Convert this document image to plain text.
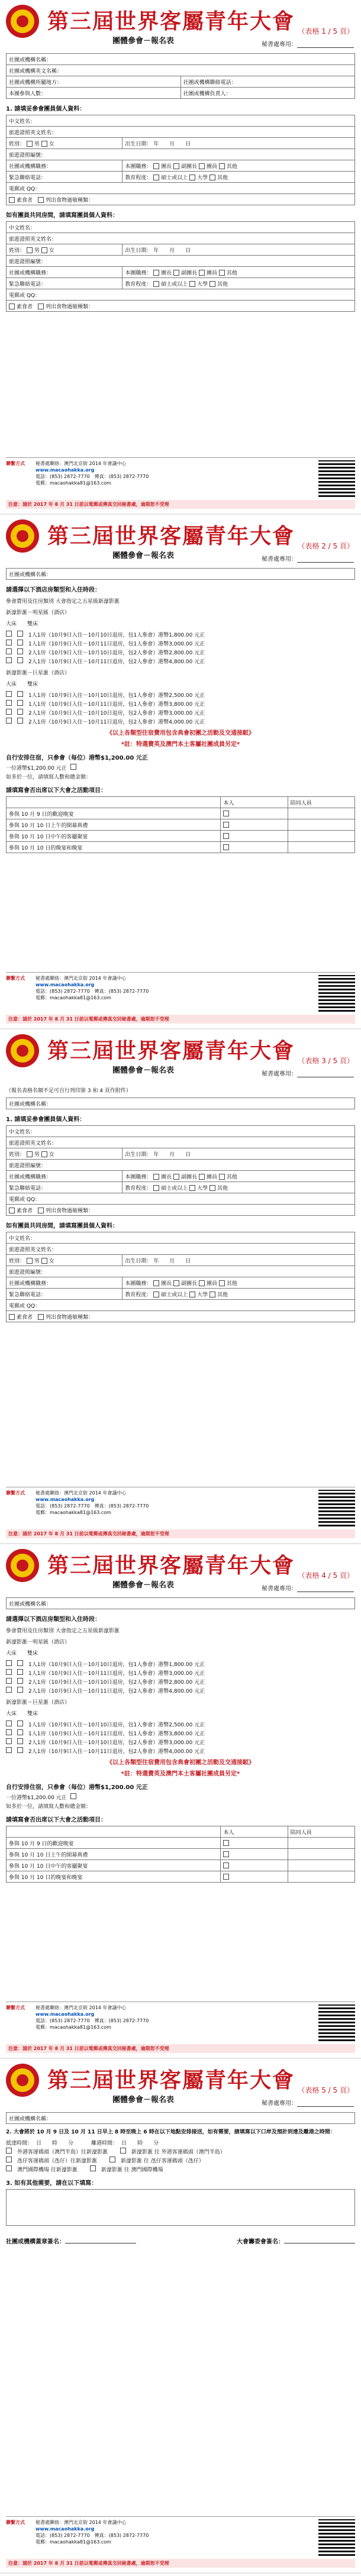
第三屆世界客屬青年大會
團體參會－報名表
（表格 1 / 5 頁）
秘書處專用：
社團或機構名稱：	
社團或機構英文名稱：	
社團或機構所屬地方：	社團或機構聯絡電話：
本團參與人數：	社團或機構負責人：
1. 請填妥參會團員個人資料：
中文姓名：	
旅遊證照英文姓名：	
姓別： 男 女	出生日期： 年　　月　　日
旅遊證照編號：	
社團或機構職務：	本團職務： 團長 副團長 團員 其他
緊急聯絡電話：	教育程度： 碩士或以上 大學 其他
電郵或 QQ：	
素食者　 列出食物過敏種類：	
如有團員共同房間，請填寫團員個人資料：
中文姓名：	
旅遊證照英文姓名：	
姓別： 男 女	出生日期： 年　　月　　日
旅遊證照編號：	
社團或機構職務：	本團職務： 團長 副團長 團員 其他
緊急聯絡電話：	教育程度： 碩士或以上 大學 其他
電郵或 QQ：	
素食者　 列出食物過敏種類：	
聯繫方式 秘書處聯絡：澳門北京街 2014 年會議中心
www.macaohakka.org
電話：(853) 2872-7770　傳真：(853) 2872-7770
電郵：macaohakka81@163.com
注意：請於 2017 年 8 月 31 日前以電郵或傳真交回秘書處，逾期恕不受理
第三屆世界客屬青年大會
團體參會－報名表
（表格 2 / 5 頁）
秘書處專用：
社團或機構名稱：
請選擇以下酒店房類型和入住時段：
參會費用及住房類別 大會指定之五星級新濠影滙
新濠影滙－明星匯（酒店）
大床　　雙床
1人1房（10月9日入住－10月10日退房，包1人參會）港幣1,800.00 元正
1人1房（10月9日入住－10月11日退房，包1人參會）港幣3,000.00 元正
2人1房（10月9日入住－10月10日退房，包2人參會）港幣2,800.00 元正
2人1房（10月9日入住－10月11日退房，包2人參會）港幣4,800.00 元正
新濠影滙－巨星滙（酒店）
大床　　雙床
1人1房（10月9日入住－10月10日退房，包1人參會）港幣2,500.00 元正
1人1房（10月9日入住－10月11日退房，包1人參會）港幣3,800.00 元正
2人1房（10月9日入住－10月10日退房，包2人參會）港幣3,000.00 元正
2人1房（10月9日入住－10月11日退房，包2人參會）港幣4,000.00 元正
《以上各類型住宿費用包含典會初團之活動及交通接駁》
*註：特選費英及澳門本土客屬社團成員另定*
自行安排住宿，只參會（每位）港幣$1,200.00 元正
一位港幣$1,200.00 元正
如多於一位，請填寫人數和總金額：
請填寫會否出席以下大會之活動項目：
	本人	陪同人員
參與 10 月 9 日的歡迎晚宴		
參與 10 月 10 日上午的開幕典禮		
參與 10 月 10 日中午的客屬聚宴		
參與 10 月 10 日的晚宴和晚宴		
聯繫方式 秘書處聯絡：澳門北京街 2014 年會議中心
www.macaohakka.org
電話：(853) 2872-7770　傳真：(853) 2872-7770
電郵：macaohakka81@163.com
注意：請於 2017 年 8 月 31 日前以電郵或傳真交回秘書處，逾期恕不受理
第三屆世界客屬青年大會
團體參會－報名表
（表格 3 / 5 頁）
秘書處專用：
（報名表格名額不足可自行列印第 3 和 4 頁作附件）
社團或機構名稱：
1. 請填妥參會團員個人資料：
中文姓名：	
旅遊證照英文姓名：	
姓別： 男 女	出生日期： 年　　月　　日
旅遊證照編號：	
社團或機構職務：	本團職務： 團長 副團長 團員 其他
緊急聯絡電話：	教育程度： 碩士或以上 大學 其他
電郵或 QQ：	
素食者　 列出食物過敏種類：	
如有團員共同房間，請填寫團員個人資料：
中文姓名：	
旅遊證照英文姓名：	
姓別： 男 女	出生日期： 年　　月　　日
旅遊證照編號：	
社團或機構職務：	本團職務： 團長 副團長 團員 其他
緊急聯絡電話：	教育程度： 碩士或以上 大學 其他
電郵或 QQ：	
素食者　 列出食物過敏種類：	
聯繫方式 秘書處聯絡：澳門北京街 2014 年會議中心
www.macaohakka.org
電話：(853) 2872-7770　傳真：(853) 2872-7770
電郵：macaohakka81@163.com
注意：請於 2017 年 8 月 31 日前以電郵或傳真交回秘書處，逾期恕不受理
第三屆世界客屬青年大會
團體參會－報名表
（表格 4 / 5 頁）
秘書處專用：
社團或機構名稱：
請選擇以下酒店房類型和入住時段：
參會費用及住房類別 大會指定之五星級新濠影滙
新濠影滙－明星匯（酒店）
大床　　雙床
1人1房（10月9日入住－10月10日退房，包1人參會）港幣1,800.00 元正
1人1房（10月9日入住－10月11日退房，包1人參會）港幣3,000.00 元正
2人1房（10月9日入住－10月10日退房，包2人參會）港幣2,800.00 元正
2人1房（10月9日入住－10月11日退房，包2人參會）港幣4,800.00 元正
新濠影滙－巨星滙（酒店）
大床　　雙床
1人1房（10月9日入住－10月10日退房，包1人參會）港幣2,500.00 元正
1人1房（10月9日入住－10月11日退房，包1人參會）港幣3,800.00 元正
2人1房（10月9日入住－10月10日退房，包2人參會）港幣3,000.00 元正
2人1房（10月9日入住－10月11日退房，包2人參會）港幣4,000.00 元正
《以上各類型住宿費用包含典會初團之活動及交通接駁》
*註：特選費英及澳門本土客屬社團成員另定*
自行安排住宿，只參會（每位）港幣$1,200.00 元正
一位港幣$1,200.00 元正
如多於一位，請填寫人數和總金額：
請填寫會否出席以下大會之活動項目：
	本人	陪同人員
參與 10 月 9 日的歡迎晚宴		
參與 10 月 10 日上午的開幕典禮		
參與 10 月 10 日中午的客屬聚宴		
參與 10 月 10 日的晚宴和晚宴		
聯繫方式 秘書處聯絡：澳門北京街 2014 年會議中心
www.macaohakka.org
電話：(853) 2872-7770　傳真：(853) 2872-7770
電郵：macaohakka81@163.com
注意：請於 2017 年 8 月 31 日前以電郵或傳真交回秘書處，逾期恕不受理
第三屆世界客屬青年大會
團體參會－報名表
（表格 5 / 5 頁）
秘書處專用：
社團或機構名稱：
2. 大會將於 10 月 9 日及 10 月 11 日早上 8 時至晚上 6 時在以下地點安排接送，如有需要，請填寫以下口岸及預計到達及離港之時間：
抵達時間： 日　　時　　分
　　	離港時間： 日　　時　　分
外港客運碼頭（澳門半島）往新濠影滙
　	新濠影滙 往 外港客運碼頭（澳門半島）
氹仔客運碼頭（氹仔）往新濠影滙
　	新濠影滙 往 氹仔客運碼頭（氹仔）
澳門國際機場 往新濠影滙
　	新濠影滙 往 澳門國際機場
3. 如有其他需要，請在以下填寫：
社團或機構蓋章簽名：	大會籌委會簽名：
聯繫方式 秘書處聯絡：澳門北京街 2014 年會議中心
www.macaohakka.org
電話：(853) 2872-7770　傳真：(853) 2872-7770
電郵：macaohakka81@163.com
注意：請於 2017 年 8 月 31 日前以電郵或傳真交回秘書處，逾期恕不受理
